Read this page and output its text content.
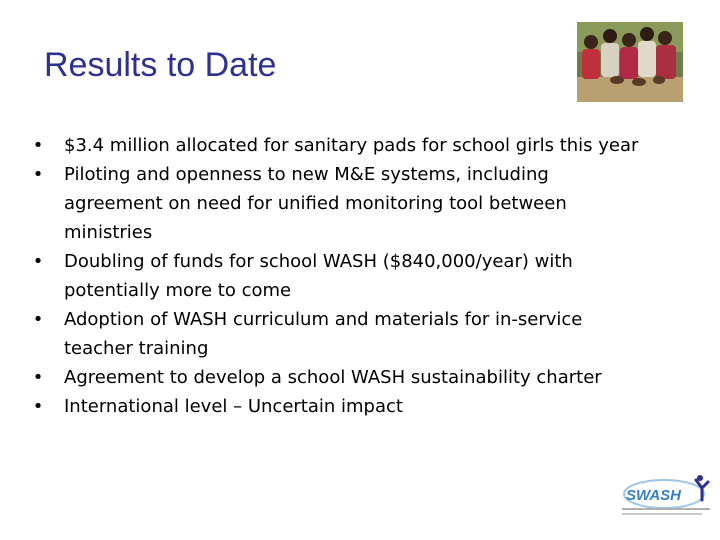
Results to Date
• $3.4 million allocated for sanitary pads for school girls this year
• Piloting and openness to new M&E systems, including
agreement on need for unified monitoring tool between
ministries
• Doubling of funds for school WASH ($840,000/year) with
potentially more to come
• Adoption of WASH curriculum and materials for in-service
teacher training
• Agreement to develop a school WASH sustainability charter
• International level – Uncertain impact
SWASH
